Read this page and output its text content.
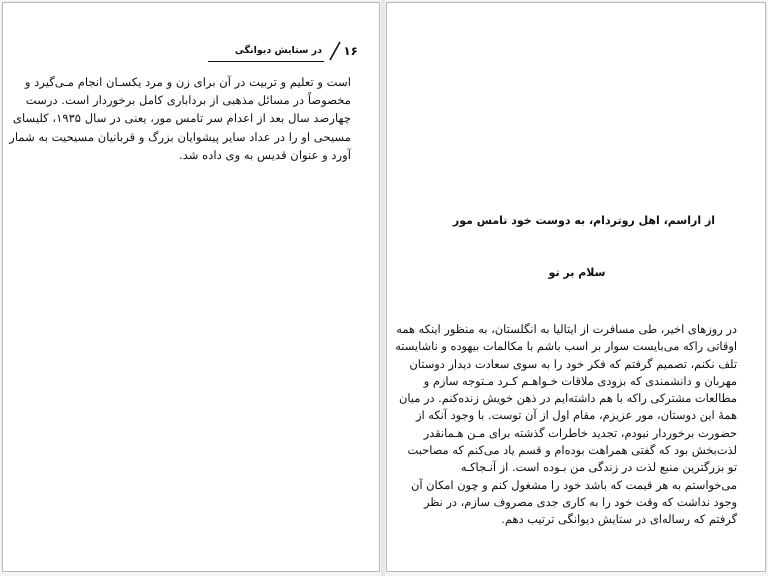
۱۶
در ستایش دیوانگی
است و تعلیم و تربیت در آن برای زن و مرد یکسـان انجام مـی‌گیرد و
مخصوصاً در مسائل مذهبی از برداباری کامل برخوردار است. درست
چهارصد سال بعد از اعدام سر تامس مور، یعنی در سال ۱۹۳۵، کلیسای
مسیحی او را در عداد سایر پیشوایان بزرگ و قربانیان مسیحیت به شمار
آورد و عنوان قدیس به وی داده شد.
از اراسم، اهل روتردام، به دوست خود تامس مور
سلام بر تو
در روزهای اخیر، طی مسافرت از ایتالیا به انگلستان، به منظور اینکه همه
اوقاتی راکه می‌بایست سوار بر اسب باشم با مکالمات بیهوده و ناشایسته
تلف نکنم، تصمیم گرفتم که فکر خود را به سوی سعادت دیدار دوستان
مهربان و دانشمندی که بزودی ملاقات خـواهـم کـرد مـتوجه سازم و
مطالعات مشترکی راکه با هم داشته‌ایم در ذهن خویش زنده‌کنم. در میان
همهٔ این دوستان، مور عزیزم، مقام اول از آن توست. با وجود آنکه از
حضورت برخوردار نبودم، تجدید خاطرات گذشته برای مـن هـمانقدر
لذت‌بخش بود که گفتی همراهت بوده‌ام و قسم یاد می‌کنم که مصاحبت
تو بزرگترین منبع لذت در زندگی من بـوده است. از آنـجاکـه
می‌خواستم به هر قیمت که باشد خود را مشغول کنم و چون امکان آن
وجود نداشت که وقت خود را به کاری جدی مصروف سازم، در نظر
گرفتم که رساله‌ای در ستایش دیوانگی ترتیب دهم.
